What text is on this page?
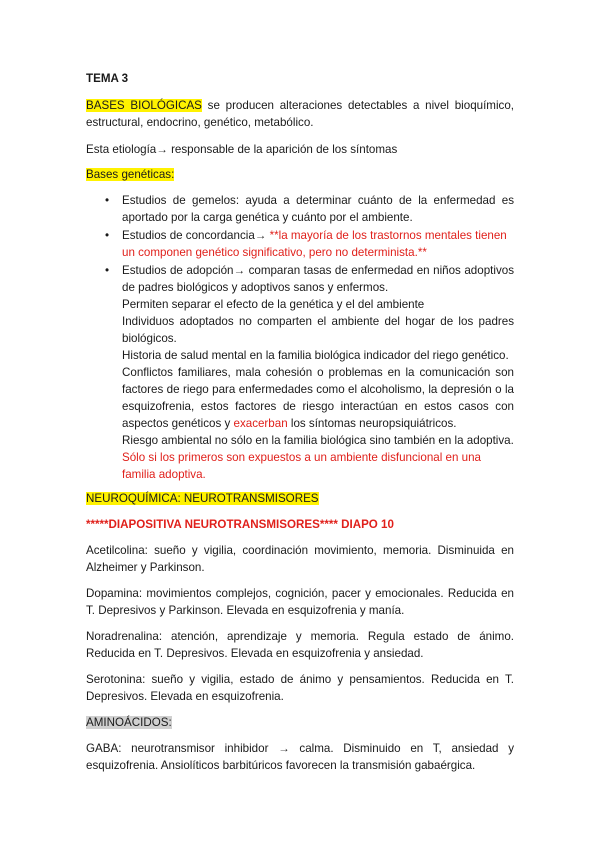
TEMA 3

BASES BIOLÓGICAS se producen alteraciones detectables a nivel bioquímico, estructural, endocrino, genético, metabólico.

Esta etiología→ responsable de la aparición de los síntomas

Bases genéticas:

• Estudios de gemelos: ayuda a determinar cuánto de la enfermedad es aportado por la carga genética y cuánto por el ambiente.
• Estudios de concordancia→ **la mayoría de los trastornos mentales tienen un componen genético significativo, pero no determinista.**
• Estudios de adopción→ comparan tasas de enfermedad en niños adoptivos de padres biológicos y adoptivos sanos y enfermos.

Permiten separar el efecto de la genética y el del ambiente

Individuos adoptados no comparten el ambiente del hogar de los padres biológicos.

Historia de salud mental en la familia biológica indicador del riego genético.

Conflictos familiares, mala cohesión o problemas en la comunicación son factores de riego para enfermedades como el alcoholismo, la depresión o la esquizofrenia, estos factores de riesgo interactúan en estos casos con aspectos genéticos y exacerban los síntomas neuropsiquiátricos.

Riesgo ambiental no sólo en la familia biológica sino también en la adoptiva.

Sólo si los primeros son expuestos a un ambiente disfuncional en una familia adoptiva.

NEUROQUÍMICA: NEUROTRANSMISORES

*****DIAPOSITIVA NEUROTRANSMISORES**** DIAPO 10

Acetilcolina: sueño y vigilia, coordinación movimiento, memoria. Disminuida en Alzheimer y Parkinson.

Dopamina: movimientos complejos, cognición, pacer y emocionales. Reducida en T. Depresivos y Parkinson. Elevada en esquizofrenia y manía.

Noradrenalina: atención, aprendizaje y memoria. Regula estado de ánimo. Reducida en T. Depresivos. Elevada en esquizofrenia y ansiedad.

Serotonina: sueño y vigilia, estado de ánimo y pensamientos. Reducida en T. Depresivos. Elevada en esquizofrenia.

AMINOÁCIDOS:

GABA: neurotransmisor inhibidor → calma. Disminuido en T, ansiedad y esquizofrenia. Ansiolíticos barbitúricos favorecen la transmisión gabaérgica.
